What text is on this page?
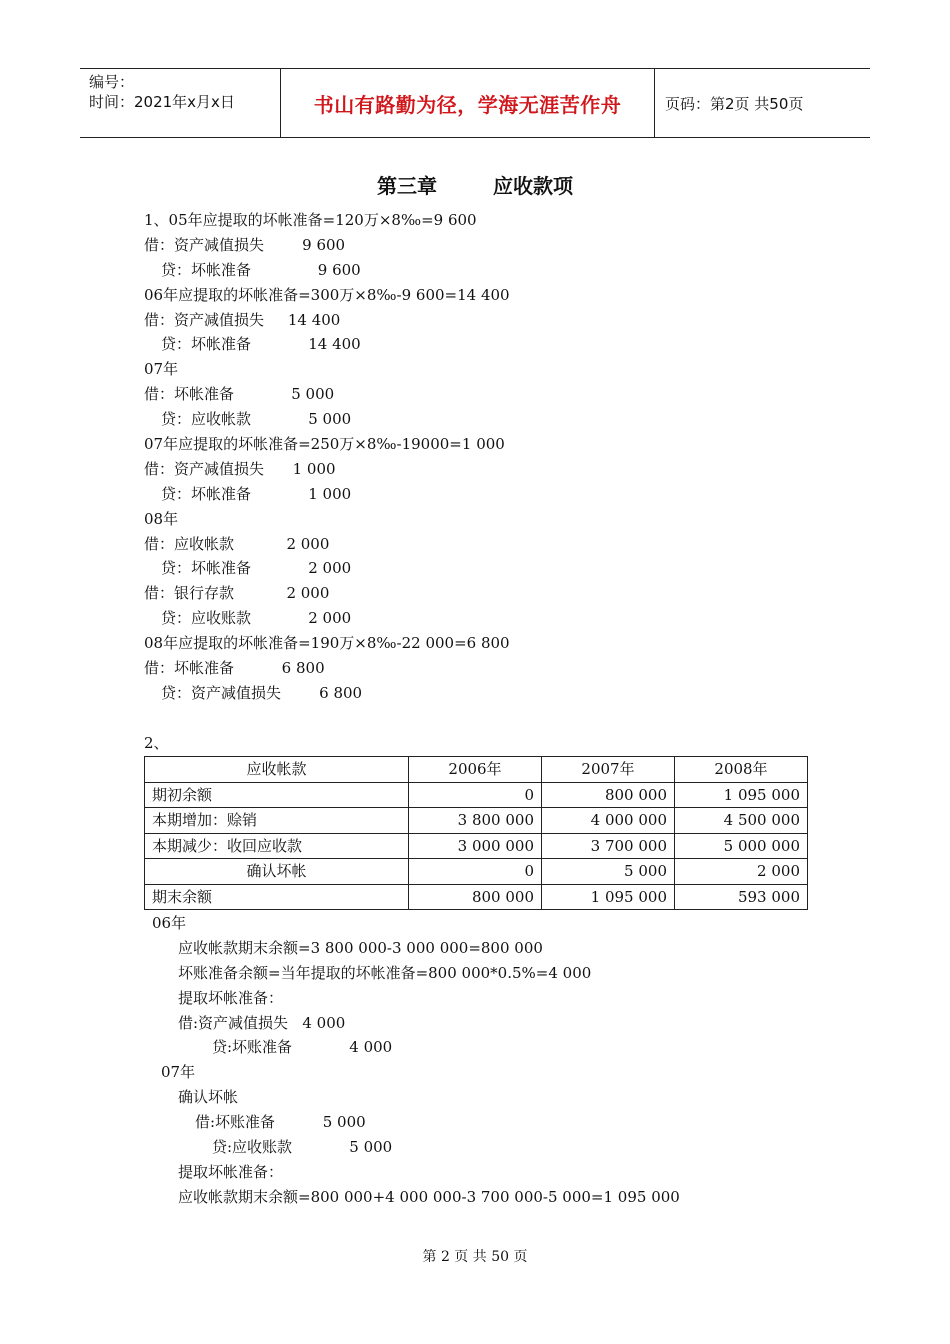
编号：
时间：2021年x月x日	书山有路勤为径，学海无涯苦作舟	页码：第2页 共50页
第三章	应收款项
1、05年应提取的坏帐准备=120万×8‰=9 600
借：资产减值损失        9 600
贷：坏帐准备              9 600
06年应提取的坏帐准备=300万×8‰-9 600=14 400
借：资产减值损失     14 400
贷：坏帐准备            14 400
07年
借：坏帐准备            5 000
贷：应收帐款            5 000
07年应提取的坏帐准备=250万×8‰-19000=1 000
借：资产减值损失      1 000
贷：坏帐准备            1 000
08年
借：应收帐款           2 000
贷：坏帐准备            2 000
借：银行存款           2 000
贷：应收账款            2 000
08年应提取的坏帐准备=190万×8‰-22 000=6 800
借：坏帐准备          6 800
贷：资产减值损失        6 800
2、
应收帐款	2006年	2007年	2008年
期初余额	0	800 000	1 095 000
本期增加：赊销	3 800 000	4 000 000	4 500 000
本期减少：收回应收款	3 000 000	3 700 000	5 000 000
确认坏帐	0	5 000	2 000
期末余额	800 000	1 095 000	593 000
06年
应收帐款期末余额=3 800 000-3 000 000=800 000
坏账准备余额=当年提取的坏帐准备=800 000*0.5%=4 000
提取坏帐准备：
借:资产减值损失   4 000
贷:坏账准备            4 000
07年
确认坏帐
借:坏账准备          5 000
贷:应收账款            5 000
提取坏帐准备：
应收帐款期末余额=800 000+4 000 000-3 700 000-5 000=1 095 000
第 2 页 共 50 页
